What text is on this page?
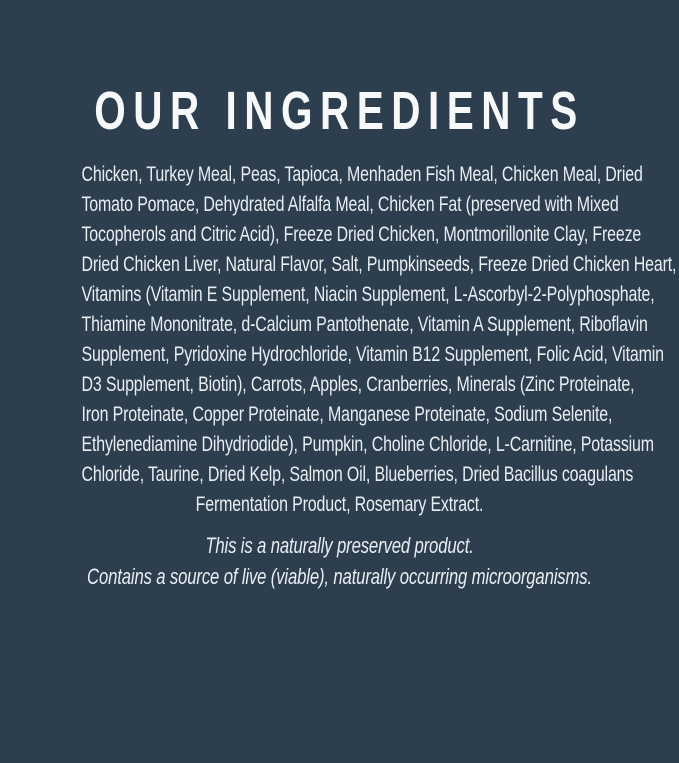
OUR INGREDIENTS
Chicken, Turkey Meal, Peas, Tapioca, Menhaden Fish Meal, Chicken Meal, Dried
Tomato Pomace, Dehydrated Alfalfa Meal, Chicken Fat (preserved with Mixed
Tocopherols and Citric Acid), Freeze Dried Chicken, Montmorillonite Clay, Freeze
Dried Chicken Liver, Natural Flavor, Salt, Pumpkinseeds, Freeze Dried Chicken Heart,
Vitamins (Vitamin E Supplement, Niacin Supplement, L-Ascorbyl-2-Polyphosphate,
Thiamine Mononitrate, d-Calcium Pantothenate, Vitamin A Supplement, Riboflavin
Supplement, Pyridoxine Hydrochloride, Vitamin B12 Supplement, Folic Acid, Vitamin
D3 Supplement, Biotin), Carrots, Apples, Cranberries, Minerals (Zinc Proteinate,
Iron Proteinate, Copper Proteinate, Manganese Proteinate, Sodium Selenite,
Ethylenediamine Dihydriodide), Pumpkin, Choline Chloride, L-Carnitine, Potassium
Chloride, Taurine, Dried Kelp, Salmon Oil, Blueberries, Dried Bacillus coagulans
Fermentation Product, Rosemary Extract.
This is a naturally preserved product.
Contains a source of live (viable), naturally occurring microorganisms.
